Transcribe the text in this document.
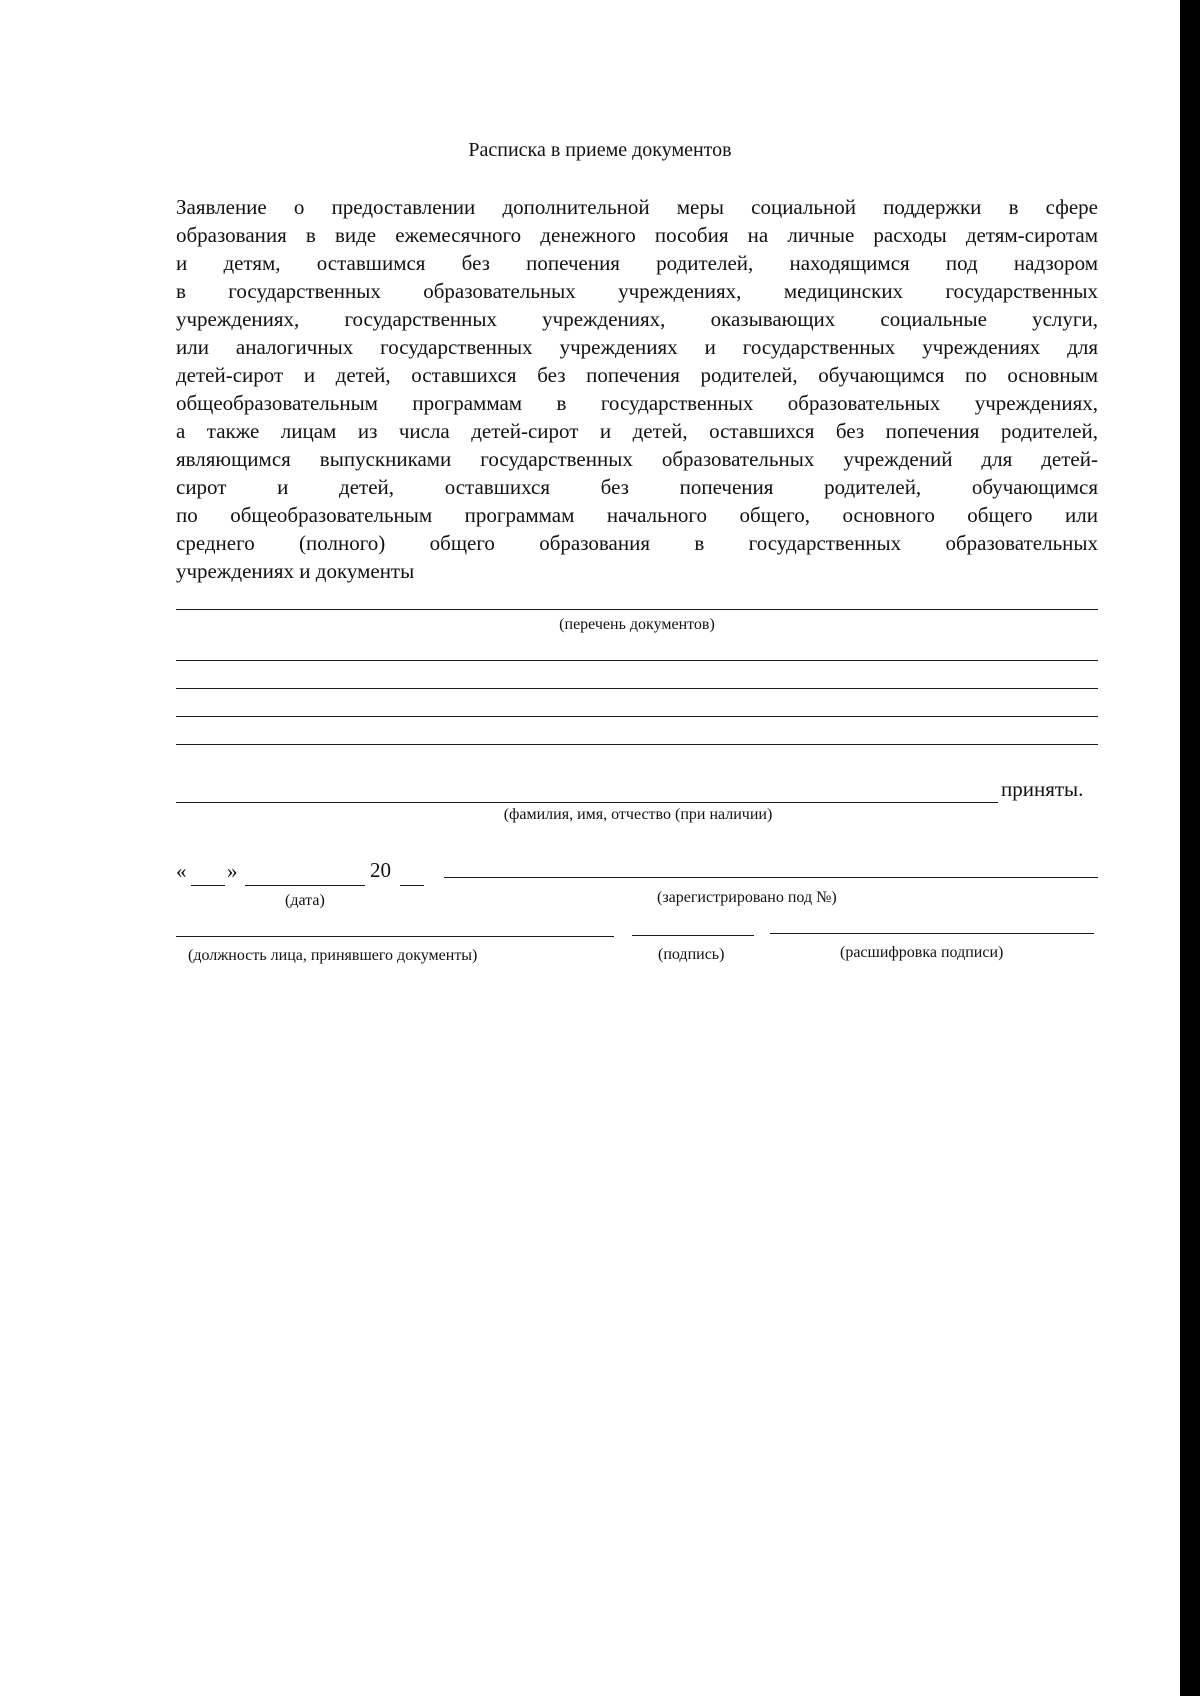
Расписка в приеме документов
Заявление о предоставлении дополнительной меры социальной поддержки в сфере
образования в виде ежемесячного денежного пособия на личные расходы детям-сиротам
и детям, оставшимся без попечения родителей, находящимся под надзором
в государственных образовательных учреждениях, медицинских государственных
учреждениях, государственных учреждениях, оказывающих социальные услуги,
или аналогичных государственных учреждениях и государственных учреждениях для
детей-сирот и детей, оставшихся без попечения родителей, обучающимся по основным
общеобразовательным программам в государственных образовательных учреждениях,
а также лицам из числа детей-сирот и детей, оставшихся без попечения родителей,
являющимся выпускниками государственных образовательных учреждений для детей-
сирот и детей, оставшихся без попечения родителей, обучающимся
по общеобразовательным программам начального общего, основного общего или
среднего (полного) общего образования в государственных образовательных
учреждениях и документы
(перечень документов)
приняты.
(фамилия, имя, отчество (при наличии)
« »	20
(дата)	(зарегистрировано под №)
(должность лица, принявшего документы)	(подпись)	(расшифровка подписи)
